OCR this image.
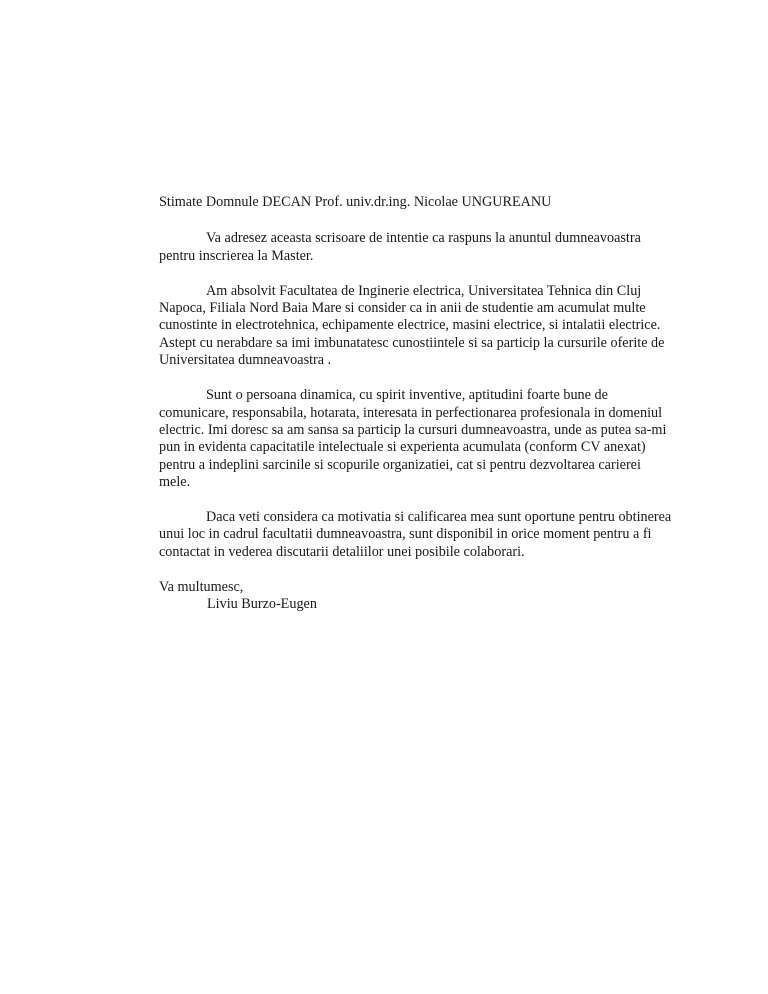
Stimate Domnule DECAN Prof. univ.dr.ing. Nicolae UNGUREANU
Va adresez aceasta scrisoare de intentie ca raspuns la anuntul dumneavoastra
pentru inscrierea la Master.
Am absolvit Facultatea de Inginerie electrica, Universitatea Tehnica din Cluj
Napoca, Filiala Nord Baia Mare si consider ca in anii de studentie am acumulat multe
cunostinte in electrotehnica, echipamente electrice, masini electrice, si intalatii electrice.
Astept cu nerabdare sa imi imbunatatesc cunostiintele si sa particip la cursurile oferite de
Universitatea dumneavoastra .
Sunt o persoana dinamica, cu spirit inventive, aptitudini foarte bune de
comunicare, responsabila, hotarata, interesata in perfectionarea profesionala in domeniul
electric. Imi doresc sa am sansa sa particip la cursuri dumneavoastra, unde as putea sa-mi
pun in evidenta capacitatile intelectuale si experienta acumulata (conform CV anexat)
pentru a indeplini sarcinile si scopurile organizatiei, cat si pentru dezvoltarea carierei
mele.
Daca veti considera ca motivatia si calificarea mea sunt oportune pentru obtinerea
unui loc in cadrul facultatii dumneavoastra, sunt disponibil in orice moment pentru a fi
contactat in vederea discutarii detaliilor unei posibile colaborari.
Va multumesc,
Liviu Burzo-Eugen
